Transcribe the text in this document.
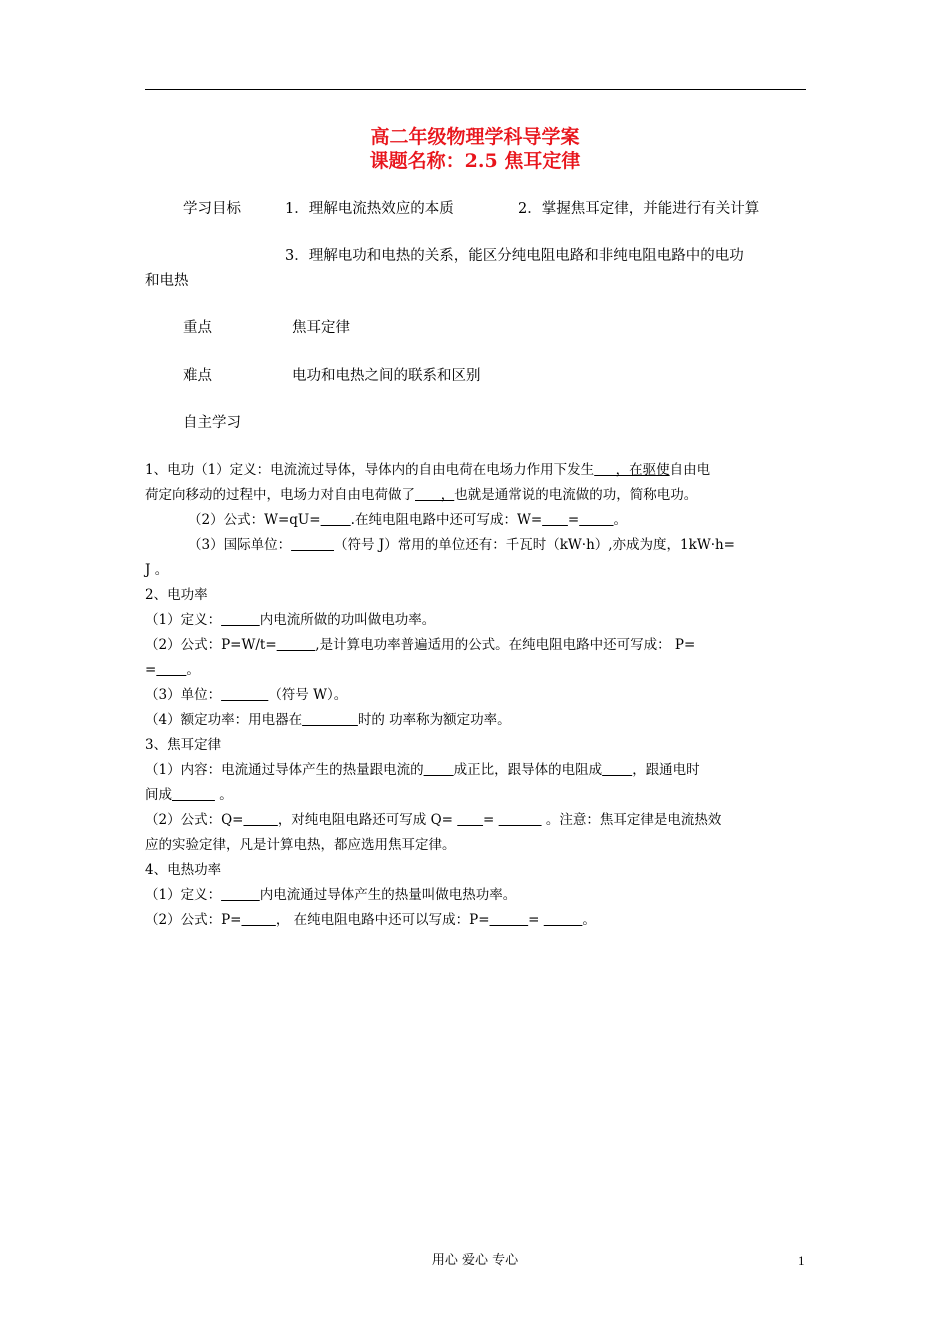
高二年级物理学科导学案
课题名称：2.5 焦耳定律
学习目标	1．理解电流热效应的本质	2．掌握焦耳定律，并能进行有关计算
3．理解电功和电热的关系，能区分纯电阻电路和非纯电阻电路中的电功
和电热
重点	焦耳定律
难点	电功和电热之间的联系和区别
自主学习
1、电功（1）定义：电流流过导体，导体内的自由电荷在电场力作用下发生     ，在驱使自由电
荷定向移动的过程中，电场力对自由电荷做了      ，也就是通常说的电流做的功，简称电功。
（2）公式：W=qU= .在纯电阻电路中还可写成：W= =	。
（3）国际单位：	（符号 J）常用的单位还有：千瓦时（kW·h）,亦成为度，1kW·h=
J 。
2、电功率
（1）定义：	内电流所做的功叫做电功率。
（2）公式：P=W/t=	,是计算电功率普遍适用的公式。在纯电阻电路中还可写成： P=
= 。
（3）单位：	（符号 W）。
（4）额定功率：用电器在	时的 功率称为额定功率。
3、焦耳定律
（1）内容：电流通过导体产生的热量跟电流的 成正比，跟导体的电阻成 ，跟通电时
间成	。
（2）公式：Q=	，对纯电阻电路还可写成 Q=       =	。注意：焦耳定律是电流热效
应的实验定律，凡是计算电热，都应选用焦耳定律。
4、电热功率
（1）定义：	内电流通过导体产生的热量叫做电热功率。
（2）公式：P=	， 在纯电阻电路中还可以写成：P=	=	。
用心 爱心 专心	1
